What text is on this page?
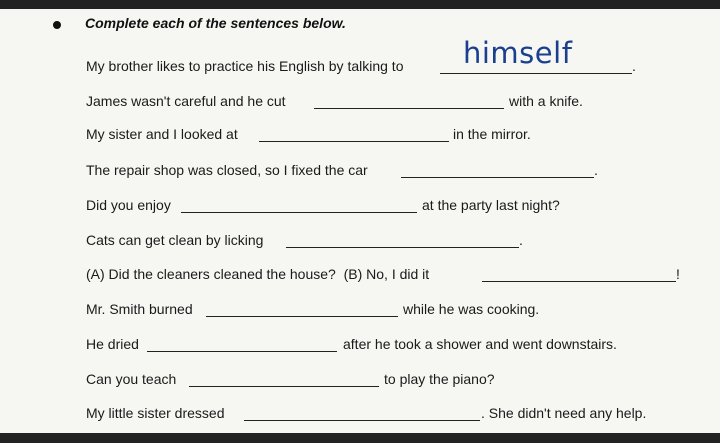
Complete each of the sentences below.
My brother likes to practice his English by talking to himself	.
James wasn't careful and he cut	with a knife.
My sister and I looked at	in the mirror.
The repair shop was closed, so I fixed the car	.
Did you enjoy	at the party last night?
Cats can get clean by licking	.
(A) Did the cleaners cleaned the house?  (B) No, I did it	!
Mr. Smith burned	while he was cooking.
He dried	after he took a shower and went downstairs.
Can you teach	to play the piano?
My little sister dressed	. She didn't need any help.
